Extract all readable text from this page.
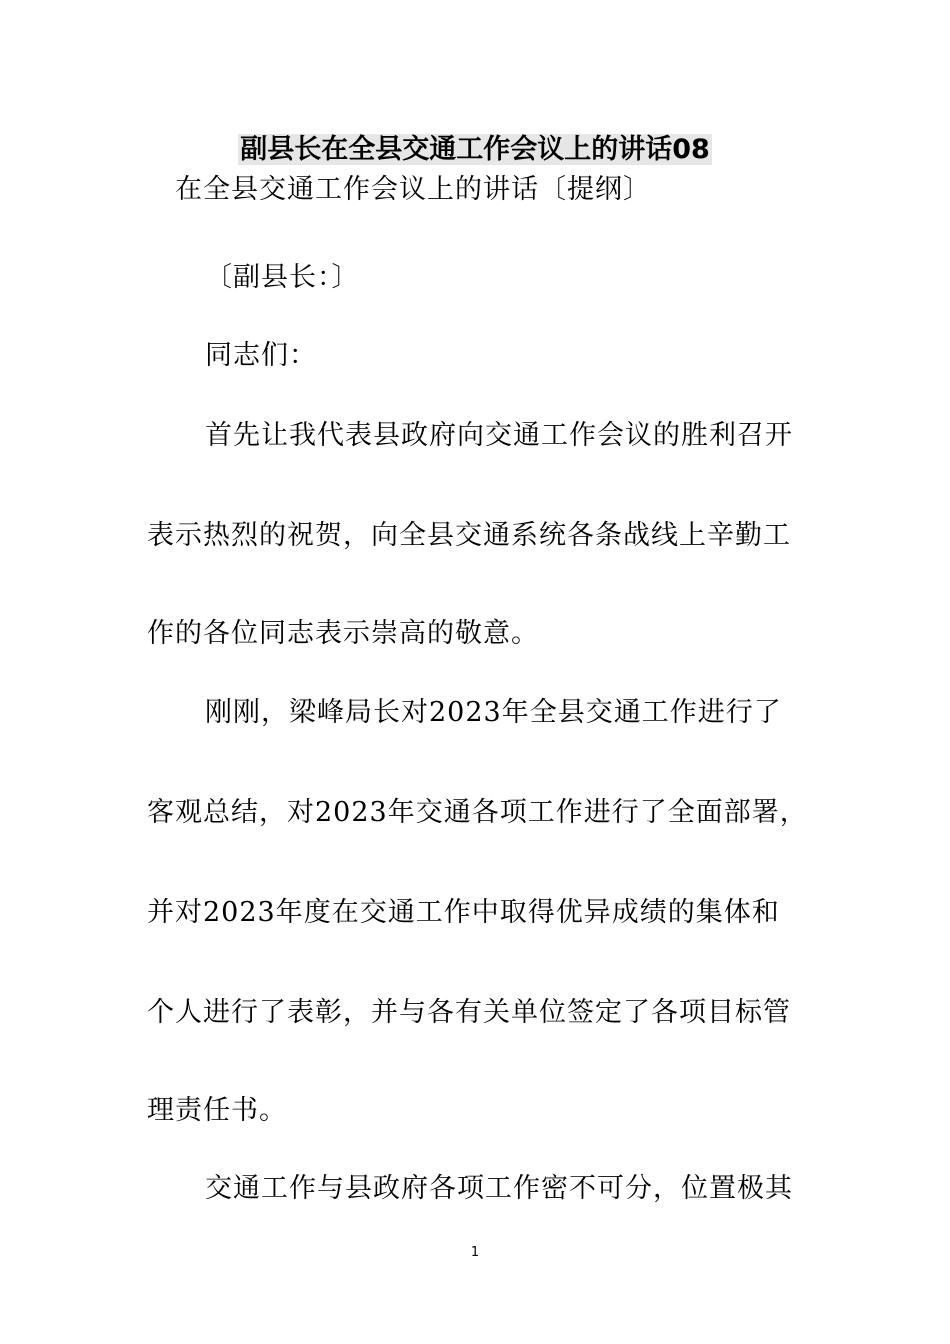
副县长在全县交通工作会议上的讲话08
在全县交通工作会议上的讲话〔提纲〕
〔副县长：〕
同志们：
首先让我代表县政府向交通工作会议的胜利召开
表示热烈的祝贺，向全县交通系统各条战线上辛勤工
作的各位同志表示崇高的敬意。
刚刚，梁峰局长对2023年全县交通工作进行了
客观总结，对2023年交通各项工作进行了全面部署，
并对2023年度在交通工作中取得优异成绩的集体和
个人进行了表彰，并与各有关单位签定了各项目标管
理责任书。
交通工作与县政府各项工作密不可分，位置极其
1
